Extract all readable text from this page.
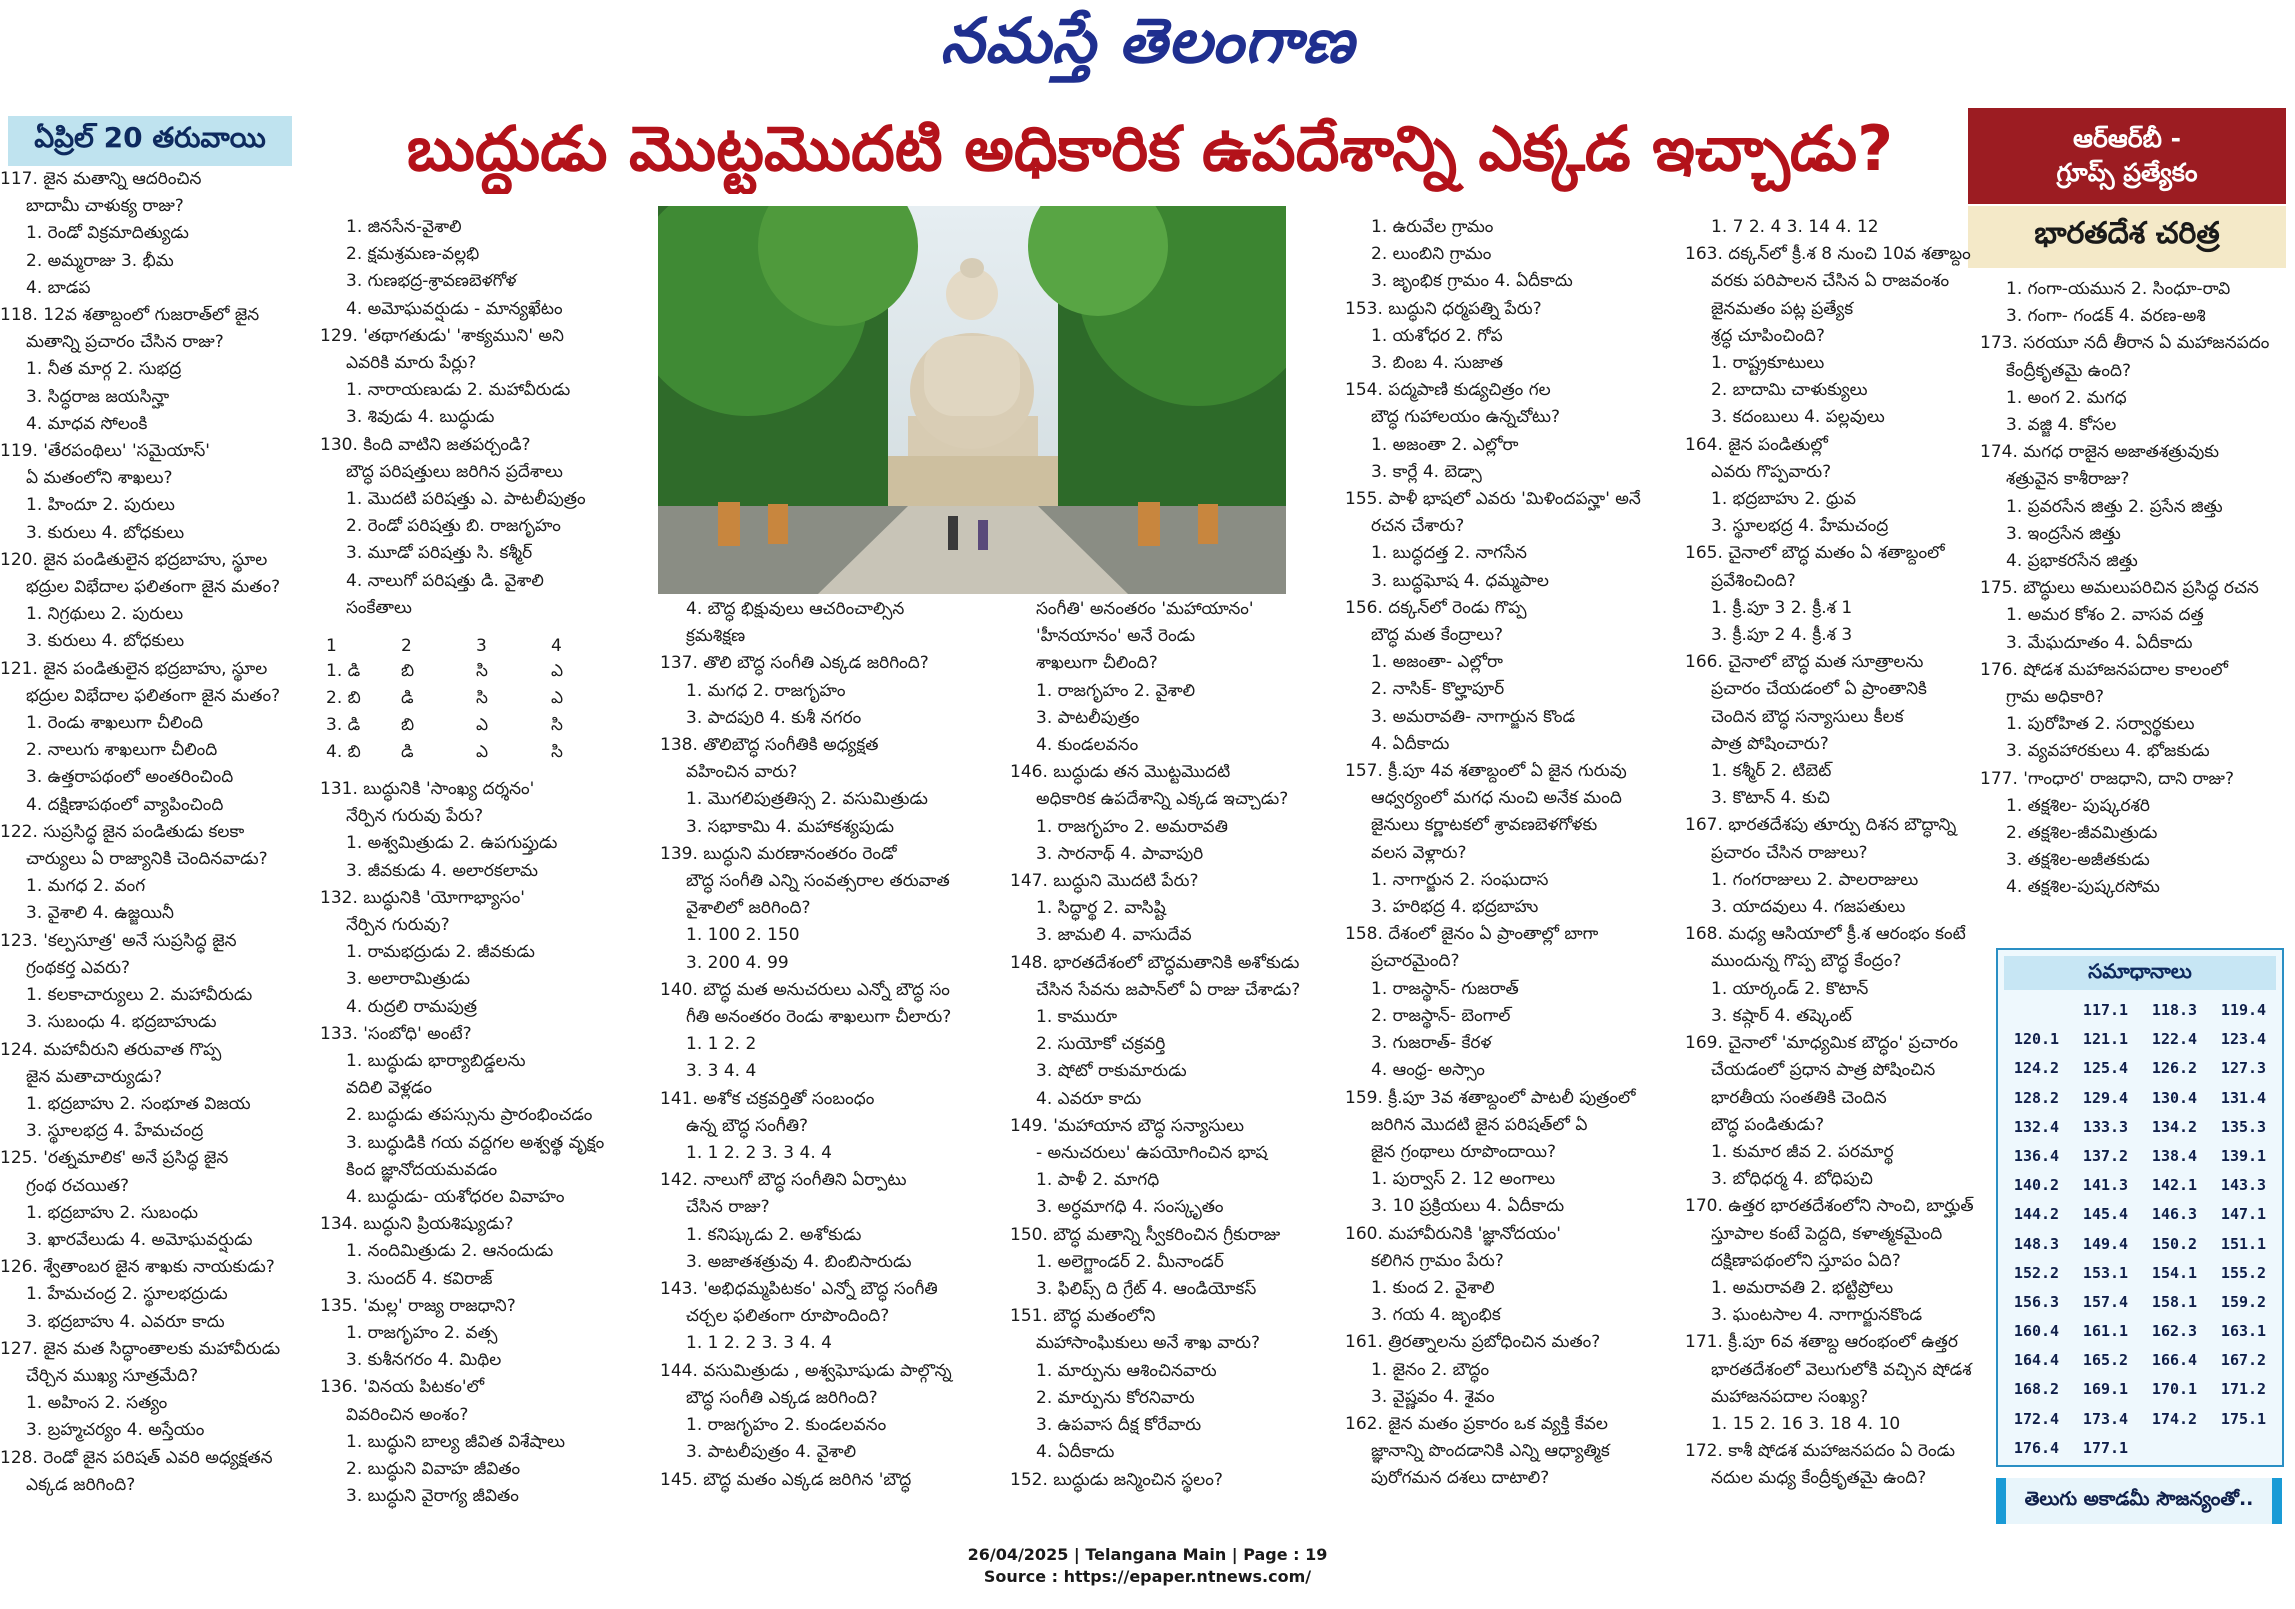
నమస్తే తెలంగాణ
ఏప్రిల్ 20 తరువాయి	బుద్ధుడు మొట్టమొదటి అధికారిక ఉపదేశాన్ని ఎక్కడ ఇచ్చాడు?	ఆర్ఆర్‌బీ -
గ్రూప్స్ ప్రత్యేకం
భారతదేశ చరిత్ర
117. జైన మతాన్ని ఆదరించిన
బాదామీ చాళుక్య రాజు?
1. రెండో విక్రమాదిత్యుడు
2. అమ్మరాజు 3. భీమ
4. బాడప
118. 12వ శతాబ్దంలో గుజరాత్‌లో జైన
మతాన్ని ప్రచారం చేసిన రాజు?
1. నీత మార్గ 2. సుభద్ర
3. సిద్ధరాజ జయసిన్హా
4. మాధవ సోలంకి
119. 'తేరపంథిలు' 'సమైయాస్'
ఏ మతంలోని శాఖలు?
1. హిందూ 2. పురులు
3. కురులు 4. బోధకులు
120. జైన పండితులైన భద్రబాహు, స్థూల
భద్రుల విభేదాల ఫలితంగా జైన మతం?
1. నిగ్రథులు 2. పురులు
3. కురులు 4. బోధకులు
121. జైన పండితులైన భద్రబాహు, స్థూల
భద్రుల విభేదాల ఫలితంగా జైన మతం?
1. రెండు శాఖలుగా చీలింది
2. నాలుగు శాఖలుగా చీలింది
3. ఉత్తరాపథంలో అంతరించింది
4. దక్షిణాపథంలో వ్యాపించింది
122. సుప్రసిద్ధ జైన పండితుడు కలకా
చార్యులు ఏ రాజ్యానికి చెందినవాడు?
1. మగధ 2. వంగ
3. వైశాలి 4. ఉజ్జయినీ
123. 'కల్పసూత్ర' అనే సుప్రసిద్ధ జైన
గ్రంథకర్త ఎవరు?
1. కలకాచార్యులు 2. మహావీరుడు
3. సుబంధు 4. భద్రబాహుడు
124. మహావీరుని తరువాత గొప్ప
జైన మతాచార్యుడు?
1. భద్రబాహు 2. సంభూత విజయ
3. స్థూలభద్ర 4. హేమచంద్ర
125. 'రత్నమాలిక' అనే ప్రసిద్ధ జైన
గ్రంథ రచయిత?
1. భద్రబాహు 2. సుబంధు
3. ఖారవేలుడు 4. అమోఘవర్షుడు
126. శ్వేతాంబర జైన శాఖకు నాయకుడు?
1. హేమచంద్ర 2. స్థూలభద్రుడు
3. భద్రబాహు 4. ఎవరూ కాదు
127. జైన మత సిద్ధాంతాలకు మహావీరుడు
చేర్చిన ముఖ్య సూత్రమేది?
1. అహింస 2. సత్యం
3. బ్రహ్మచర్యం 4. అస్తేయం
128. రెండో జైన పరిషత్ ఎవరి అధ్యక్షతన
ఎక్కడ జరిగింది?
1. జినసేన-వైశాలి
2. క్షమశ్రమణ-వల్లభి
3. గుణభద్ర-శ్రావణబెళగోళ
4. అమోఘవర్షుడు - మాన్యఖేటం
129. 'తథాగతుడు' 'శాక్యముని' అని
ఎవరికి మారు పేర్లు?
1. నారాయణుడు 2. మహావీరుడు
3. శివుడు 4. బుద్ధుడు
130. కింది వాటిని జతపర్చండి?
బౌద్ధ పరిషత్తులు జరిగిన ప్రదేశాలు
1. మొదటి పరిషత్తు ఎ. పాటలీపుత్రం
2. రెండో పరిషత్తు బి. రాజగృహం
3. మూడో పరిషత్తు సి. కశ్మీర్
4. నాలుగో పరిషత్తు డి. వైశాలి
సంకేతాలు
1	2	3	4
1. డి	బి	సి	ఎ
2. బి	డి	సి	ఎ
3. డి	బి	ఎ	సి
4. బి	డి	ఎ	సి
131. బుద్ధునికి 'సాంఖ్య దర్శనం'
నేర్పిన గురువు పేరు?
1. అశ్వమిత్రుడు 2. ఉపగుప్తుడు
3. జీవకుడు 4. అలారకలామ
132. బుద్ధునికి 'యోగాభ్యాసం'
నేర్పిన గురువు?
1. రామభద్రుడు 2. జీవకుడు
3. అలారామిత్రుడు
4. రుద్రలి రామపుత్ర
133. 'సంబోధి' అంటే?
1. బుద్ధుడు భార్యాబిడ్డలను
వదిలి వెళ్లడం
2. బుద్ధుడు తపస్సును ప్రారంభించడం
3. బుద్ధుడికి గయ వద్దగల అశ్వత్థ వృక్షం
కింద జ్ఞానోదయమవడం
4. బుద్ధుడు- యశోధరల వివాహం
134. బుద్ధుని ప్రియశిష్యుడు?
1. నందిమిత్రుడు 2. ఆనందుడు
3. సుందర్ 4. కవిరాజ్
135. 'మల్ల' రాజ్య రాజధాని?
1. రాజగృహం 2. వత్స
3. కుశీనగరం 4. మిథిల
136. 'వినయ పిటకం'లో
వివరించిన అంశం?
1. బుద్ధుని బాల్య జీవిత విశేషాలు
2. బుద్ధుని వివాహ జీవితం
3. బుద్ధుని వైరాగ్య జీవితం
4. బౌద్ధ భిక్షువులు ఆచరించాల్సిన
క్రమశిక్షణ
137. తొలి బౌద్ధ సంగీతి ఎక్కడ జరిగింది?
1. మగధ 2. రాజగృహం
3. పాదపురి 4. కుశీ నగరం
138. తొలిబౌద్ధ సంగీతికి అధ్యక్షత
వహించిన వారు?
1. మొగలిపుత్రతిస్స 2. వసుమిత్రుడు
3. సభాకామి 4. మహాకశ్యపుడు
139. బుద్ధుని మరణానంతరం రెండో
బౌద్ధ సంగీతి ఎన్ని సంవత్సరాల తరువాత
వైశాలిలో జరిగింది?
1. 100 2. 150
3. 200 4. 99
140. బౌద్ధ మత అనుచరులు ఎన్నో బౌద్ధ సం
గీతి అనంతరం రెండు శాఖలుగా చీలారు?
1. 1 2. 2
3. 3 4. 4
141. అశోక చక్రవర్తితో సంబంధం
ఉన్న బౌద్ధ సంగీతి?
1. 1 2. 2 3. 3 4. 4
142. నాలుగో బౌద్ధ సంగీతిని ఏర్పాటు
చేసిన రాజు?
1. కనిష్కుడు 2. అశోకుడు
3. అజాతశత్రువు 4. బింబిసారుడు
143. 'అభిధమ్మపిటకం' ఎన్నో బౌద్ధ సంగీతి
చర్చల ఫలితంగా రూపొందింది?
1. 1 2. 2 3. 3 4. 4
144. వసుమిత్రుడు , అశ్వఘోషుడు పాల్గొన్న
బౌద్ధ సంగీతి ఎక్కడ జరిగింది?
1. రాజగృహం 2. కుండలవనం
3. పాటలీపుత్రం 4. వైశాలి
145. బౌద్ధ మతం ఎక్కడ జరిగిన 'బౌద్ధ
సంగీతి' అనంతరం 'మహాయానం'
'హీనయానం' అనే రెండు
శాఖలుగా చీలింది?
1. రాజగృహం 2. వైశాలి
3. పాటలీపుత్రం
4. కుండలవనం
146. బుద్ధుడు తన మొట్టమొదటి
అధికారిక ఉపదేశాన్ని ఎక్కడ ఇచ్చాడు?
1. రాజగృహం 2. అమరావతి
3. సారనాథ్ 4. పావాపురి
147. బుద్ధుని మొదటి పేరు?
1. సిద్ధార్థ 2. వాసిష్టి
3. జామలి 4. వాసుదేవ
148. భారతదేశంలో బౌద్ధమతానికి అశోకుడు
చేసిన సేవను జపాన్‌లో ఏ రాజు చేశాడు?
1. కామురూ
2. సుయోకో చక్రవర్తి
3. షోటో రాకుమారుడు
4. ఎవరూ కాదు
149. 'మహాయాన బౌద్ధ సన్యాసులు
- అనుచరులు' ఉపయోగించిన భాష
1. పాళీ 2. మాగధి
3. అర్ధమాగధి 4. సంస్కృతం
150. బౌద్ధ మతాన్ని స్వీకరించిన గ్రీకురాజు
1. అలెగ్జాండర్ 2. మీనాండర్
3. ఫిలిప్స్ ది గ్రేట్ 4. ఆండియోకస్
151. బౌద్ధ మతంలోని
మహాసాంఘికులు అనే శాఖ వారు?
1. మార్పును ఆశించినవారు
2. మార్పును కోరనివారు
3. ఉపవాస దీక్ష కోరేవారు
4. ఏదీకాదు
152. బుద్ధుడు జన్మించిన స్థలం?
1. ఉరువేల గ్రామం
2. లుంబిని గ్రామం
3. జృంభిక గ్రామం 4. ఏదీకాదు
153. బుద్ధుని ధర్మపత్ని పేరు?
1. యశోధర 2. గోప
3. బింబ 4. సుజాత
154. పద్మపాణి కుడ్యచిత్రం గల
బౌద్ధ గుహాలయం ఉన్నచోటు?
1. అజంతా 2. ఎల్లోరా
3. కార్లే 4. బెడ్సా
155. పాళీ భాషలో ఎవరు 'మిళిందపన్హా' అనే
రచన చేశారు?
1. బుద్ధదత్త 2. నాగసేన
3. బుద్ధఘోష 4. ధమ్మపాల
156. దక్కన్‌లో రెండు గొప్ప
బౌద్ధ మత కేంద్రాలు?
1. అజంతా- ఎల్లోరా
2. నాసిక్- కొల్హాపూర్
3. అమరావతి- నాగార్జున కొండ
4. ఏదీకాదు
157. క్రీ.పూ 4వ శతాబ్దంలో ఏ జైన గురువు
ఆధ్వర్యంలో మగధ నుంచి అనేక మంది
జైనులు కర్ణాటకలో శ్రావణబెళగోళకు
వలస వెళ్లారు?
1. నాగార్జున 2. సంఘదాస
3. హరిభద్ర 4. భద్రబాహు
158. దేశంలో జైనం ఏ ప్రాంతాల్లో బాగా
ప్రచారమైంది?
1. రాజస్థాన్- గుజరాత్
2. రాజస్థాన్- బెంగాల్
3. గుజరాత్- కేరళ
4. ఆంధ్ర- అస్సాం
159. క్రీ.పూ 3వ శతాబ్దంలో పాటలీ పుత్రంలో
జరిగిన మొదటి జైన పరిషత్‌లో ఏ
జైన గ్రంథాలు రూపొందాయి?
1. పుర్వాస్ 2. 12 అంగాలు
3. 10 ప్రక్రియలు 4. ఏదీకాదు
160. మహావీరునికి 'జ్ఞానోదయం'
కలిగిన గ్రామం పేరు?
1. కుంద 2. వైశాలి
3. గయ 4. జృంభిక
161. త్రిరత్నాలను ప్రబోధించిన మతం?
1. జైనం 2. బౌద్ధం
3. వైష్ణవం 4. శైవం
162. జైన మతం ప్రకారం ఒక వ్యక్తి కేవల
జ్ఞానాన్ని పొందడానికి ఎన్ని ఆధ్యాత్మిక
పురోగమన దశలు దాటాలి?
1. 7 2. 4 3. 14 4. 12
163. దక్కన్‌లో క్రీ.శ 8 నుంచి 10వ శతాబ్దం
వరకు పరిపాలన చేసిన ఏ రాజవంశం
జైనమతం పట్ల ప్రత్యేక
శ్రద్ధ చూపించింది?
1. రాష్ట్రకూటులు
2. బాదామి చాళుక్యులు
3. కదంబులు 4. పల్లవులు
164. జైన పండితుల్లో
ఎవరు గొప్పవారు?
1. భద్రబాహు 2. ధ్రువ
3. స్థూలభద్ర 4. హేమచంద్ర
165. చైనాలో బౌద్ధ మతం ఏ శతాబ్దంలో
ప్రవేశించింది?
1. క్రీ.పూ 3 2. క్రీ.శ 1
3. క్రీ.పూ 2 4. క్రీ.శ 3
166. చైనాలో బౌద్ధ మత సూత్రాలను
ప్రచారం చేయడంలో ఏ ప్రాంతానికి
చెందిన బౌద్ధ సన్యాసులు కీలక
పాత్ర పోషించారు?
1. కశ్మీర్ 2. టిబెట్
3. కొటాన్ 4. కుచి
167. భారతదేశపు తూర్పు దిశన బౌద్ధాన్ని
ప్రచారం చేసిన రాజులు?
1. గంగరాజులు 2. పాలరాజులు
3. యాదవులు 4. గజపతులు
168. మధ్య ఆసియాలో క్రీ.శ ఆరంభం కంటే
ముందున్న గొప్ప బౌద్ధ కేంద్రం?
1. యార్కండ్ 2. కొటాన్
3. కష్గార్ 4. తష్కెంట్
169. చైనాలో 'మాధ్యమిక బౌద్ధం' ప్రచారం
చేయడంలో ప్రధాన పాత్ర పోషించిన
భారతీయ సంతతికి చెందిన
బౌద్ధ పండితుడు?
1. కుమార జీవ 2. పరమార్థ
3. బోధిధర్మ 4. బోధిపుచి
170. ఉత్తర భారతదేశంలోని సాంచి, బార్హుత్
స్తూపాల కంటే పెద్దది, కళాత్మకమైంది
దక్షిణాపథంలోని స్తూపం ఏది?
1. అమరావతి 2. భట్టిప్రోలు
3. ఘంటసాల 4. నాగార్జునకొండ
171. క్రీ.పూ 6వ శతాబ్ద ఆరంభంలో ఉత్తర
భారతదేశంలో వెలుగులోకి వచ్చిన షోడశ
మహాజనపదాల సంఖ్య?
1. 15 2. 16 3. 18 4. 10
172. కాశీ షోడశ మహాజనపదం ఏ రెండు
నదుల మధ్య కేంద్రీకృతమై ఉంది?
1. గంగా-యమున 2. సింధూ-రావి
3. గంగా- గండక్ 4. వరణ-అశి
173. సరయూ నదీ తీరాన ఏ మహాజనపదం
కేంద్రీకృతమై ఉంది?
1. అంగ 2. మగధ
3. వజ్జి 4. కోసల
174. మగధ రాజైన అజాతశత్రువుకు
శత్రువైన కాశీరాజు?
1. ప్రవరసేన జిత్తు 2. ప్రసేన జిత్తు
3. ఇంద్రసేన జిత్తు
4. ప్రభాకరసేన జిత్తు
175. బౌద్ధులు అమలుపరిచిన ప్రసిద్ధ రచన
1. అమర కోశం 2. వాసవ దత్త
3. మేఘదూతం 4. ఏదీకాదు
176. షోడశ మహాజనపదాల కాలంలో
గ్రామ అధికారి?
1. పురోహిత 2. సర్వార్థకులు
3. వ్యవహారకులు 4. భోజకుడు
177. 'గాంధార' రాజధాని, దాని రాజు?
1. తక్షశిల- పుష్కరశరి
2. తక్షశిల-జీవమిత్రుడు
3. తక్షశిల-అజీతకుడు
4. తక్షశిల-పుష్కరసోమ
సమాధానాలు
117.1	118.3	119.4
120.1	121.1	122.4	123.4
124.2	125.4	126.2	127.3
128.2	129.4	130.4	131.4
132.4	133.3	134.2	135.3
136.4	137.2	138.4	139.1
140.2	141.3	142.1	143.3
144.2	145.4	146.3	147.1
148.3	149.4	150.2	151.1
152.2	153.1	154.1	155.2
156.3	157.4	158.1	159.2
160.4	161.1	162.3	163.1
164.4	165.2	166.4	167.2
168.2	169.1	170.1	171.2
172.4	173.4	174.2	175.1
176.4	177.1
తెలుగు అకాడమీ సౌజన్యంతో..
26/04/2025 | Telangana Main | Page : 19
Source : https://epaper.ntnews.com/
